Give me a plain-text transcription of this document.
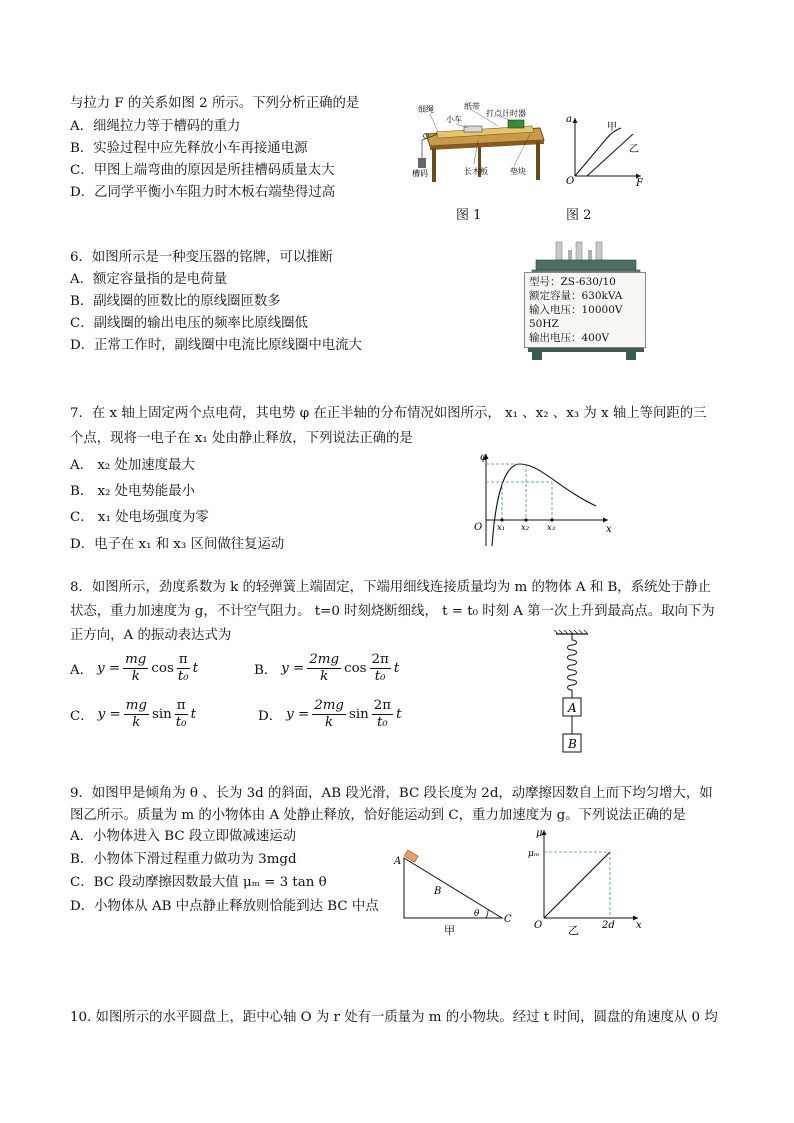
与拉力 F 的关系如图 2 所示。下列分析正确的是
A．细绳拉力等于槽码的重力
B．实验过程中应先释放小车再接通电源
C．甲图上端弯曲的原因是所挂槽码质量太大
D．乙同学平衡小车阻力时木板右端垫得过高
细绳	纸带
小车
打点计时器
槽码	长木板	垫块
a
O	F
甲
乙
图 1	图 2
6．如图所示是一种变压器的铭牌，可以推断
A．额定容量指的是电荷量
B．副线圈的匝数比的原线圈匝数多
C．副线圈的输出电压的频率比原线圈低
D．正常工作时，副线圈中电流比原线圈中电流大
型号：ZS-630/10
额定容量：630kVA
输入电压：10000V 50HZ
输出电压：400V
7．在 x 轴上固定两个点电荷，其电势 φ 在正半轴的分布情况如图所示， x₁ 、x₂ 、x₃ 为 x 轴上等间距的三
个点，现将一电子在 x₁ 处由静止释放，下列说法正确的是
A． x₂ 处加速度最大
B． x₂ 处电势能最小
C． x₁ 处电场强度为零
D．电子在 x₁ 和 x₃ 区间做往复运动
φ
O	x
x₁ x₂ x₃
8．如图所示，劲度系数为 k 的轻弹簧上端固定，下端用细线连接质量均为 m 的物体 A 和 B，系统处于静止
状态，重力加速度为 g，不计空气阻力。 t=0 时刻烧断细线， t = t₀ 时刻 A 第一次上升到最高点。取向下为
正方向，A 的振动表达式为
A． $y = \frac{mg}{k}$ $\cos \frac{\pi}{\text{t₀}}$ t	B． $y = \frac{2mg}{k}$ $\cos \frac{2\pi}{\text{t₀}}$ t
C． $y = \frac{mg}{k}$ $\sin \frac{\pi}{\text{t₀}}$ t	D． $y = \frac{2mg}{k}$ $\sin \frac{2\pi}{\text{t₀}}$ t	A
B
9．如图甲是倾角为 θ 、长为 3d 的斜面，AB 段光滑，BC 段长度为 2d，动摩擦因数自上而下均匀增大，如
图乙所示。质量为 m 的小物体由 A 处静止释放，恰好能运动到 C，重力加速度为 g。下列说法正确的是
A．小物体进入 BC 段立即做减速运动
B．小物体下滑过程重力做功为 3mgd
C．BC 段动摩擦因数最大值 μₘ = 3 tan θ
D．小物体从 AB 中点静止释放则恰能到达 BC 中点
A
B
C
θ
甲
μ
μₘ
O	2d x
乙
10. 如图所示的水平圆盘上，距中心轴 O 为 r 处有一质量为 m 的小物块。经过 t 时间，圆盘的角速度从 0 均
